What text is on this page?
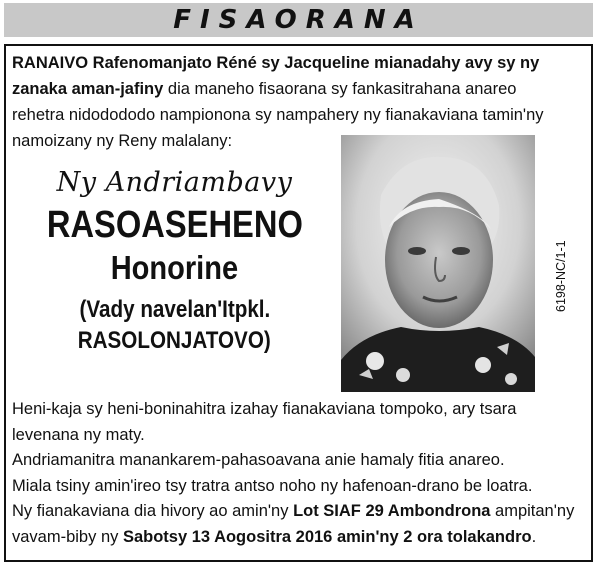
FISAORANA
RANAIVO Rafenomanjato Réné sy Jacqueline mianadahy avy sy ny
zanaka aman-jafiny dia maneho fisaorana sy fankasitrahana anareo
rehetra nidodododo nampionona sy nampahery ny fianakaviana tamin'ny
namoizany ny Reny malalany:
Ny Andriambavy
RASOASEHENO
Honorine
(Vady navelan'Itpkl.
RASOLONJATOVO)
6198-NC/1-1
Heni-kaja sy heni-boninahitra izahay fianakaviana tompoko, ary tsara
levenana ny maty.
Andriamanitra manankarem-pahasoavana anie hamaly fitia anareo.
Miala tsiny amin'ireo tsy tratra antso noho ny hafenoan-drano be loatra.
Ny fianakaviana dia hivory ao amin'ny Lot SIAF 29 Ambondrona ampitan'ny
vavam-biby ny Sabotsy 13 Aogositra 2016 amin'ny 2 ora tolakandro.
